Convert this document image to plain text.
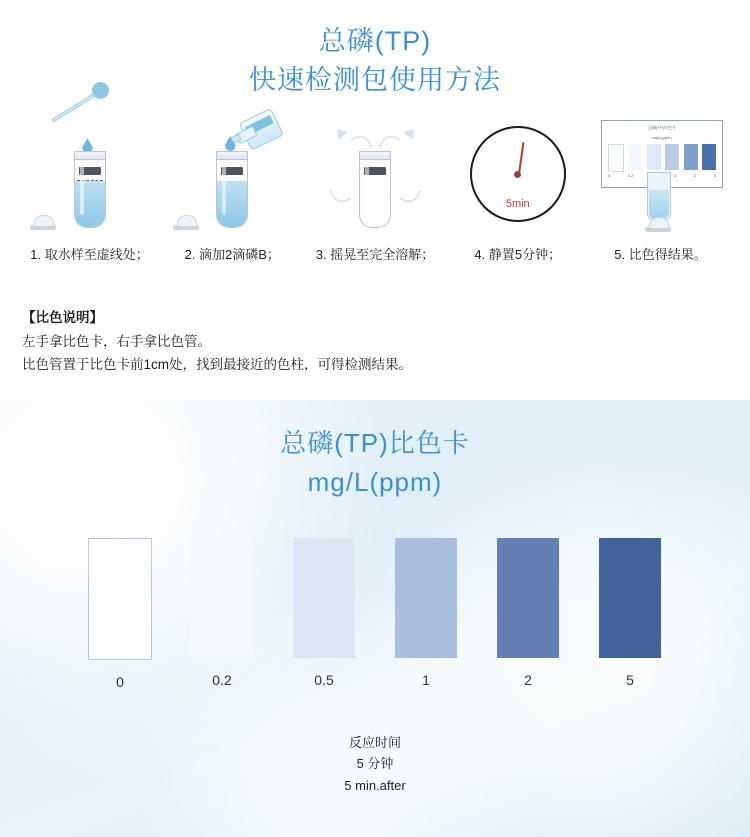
总磷(TP)
快速检测包使用方法
1. 取水样至虚线处；	2. 滴加2滴磷B；	3. 摇晃至完全溶解；
5min
4. 静置5分钟；
总磷(TP)比色卡
mg/L(ppm)
0	0.2	1	2	5
5. 比色得结果。
【比色说明】
左手拿比色卡，右手拿比色管。
比色管置于比色卡前1cm处，找到最接近的色柱，可得检测结果。
总磷(TP)比色卡
mg/L(ppm)
0	0.2	0.5	1	2	5
反应时间
5 分钟
5 min.after
